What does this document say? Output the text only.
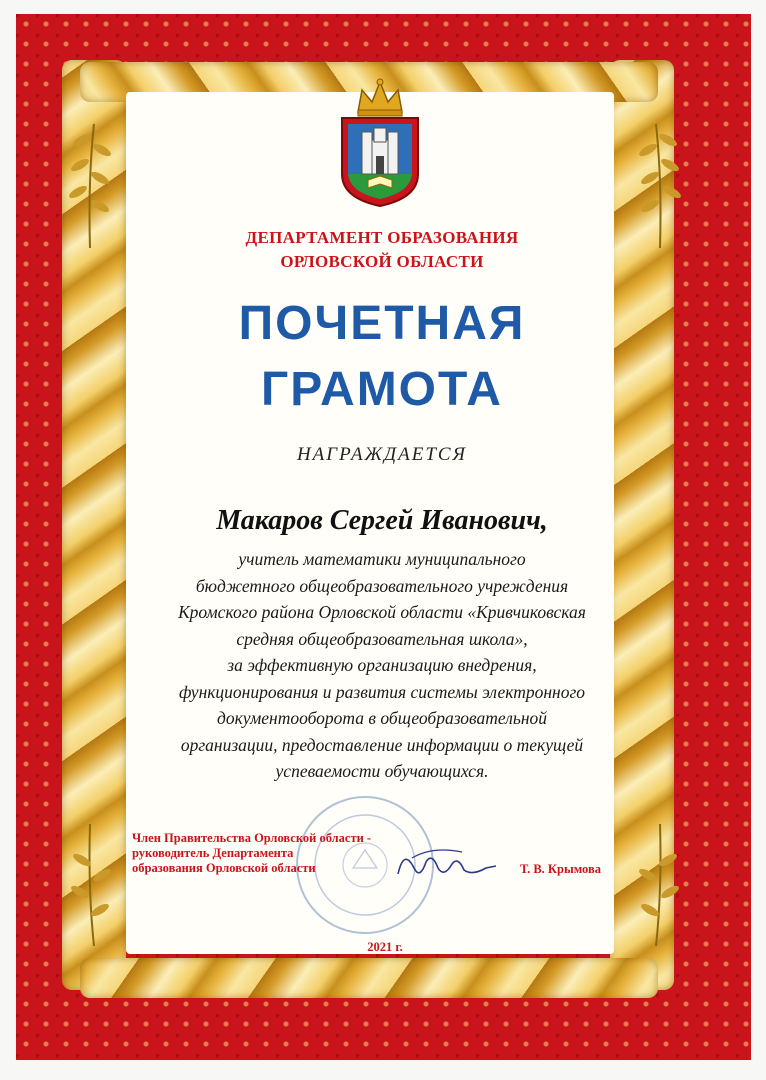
ДЕПАРТАМЕНТ ОБРАЗОВАНИЯ
ОРЛОВСКОЙ ОБЛАСТИ
ПОЧЕТНАЯ
ГРАМОТА
НАГРАЖДАЕТСЯ
Макаров Сергей Иванович,
учитель математики муниципального
бюджетного общеобразовательного учреждения
Кромского района Орловской области «Кривчиковская
средняя общеобразовательная школа»,
за эффективную организацию внедрения,
функционирования и развития системы электронного
документооборота в общеобразовательной
организации, предоставление информации о текущей
успеваемости обучающихся.
Член Правительства Орловской области -
руководитель Департамента
образования Орловской области	Т. В. Крымова
2021 г.
